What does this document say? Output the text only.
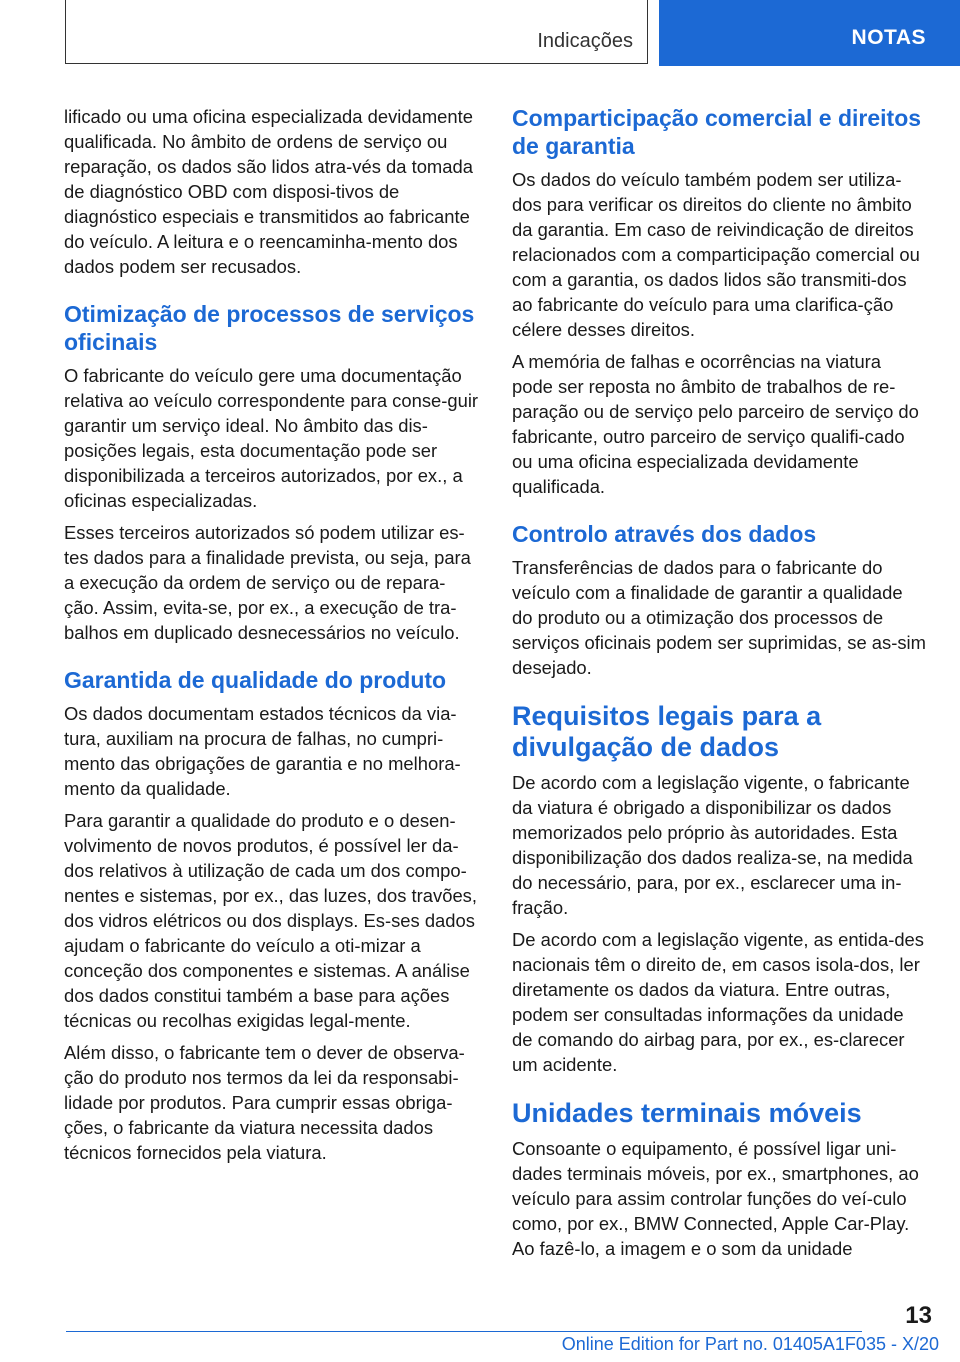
Indicações	NOTAS

lificado ou uma oficina especializada devidamente qualificada. No âmbito de ordens de serviço ou reparação, os dados são lidos atra-vés da tomada de diagnóstico OBD com disposi-tivos de diagnóstico especiais e transmitidos ao fabricante do veículo. A leitura e o reencaminha-mento dos dados podem ser recusados.

Otimização de processos de serviços oficinais

O fabricante do veículo gere uma documentação relativa ao veículo correspondente para conse-guir garantir um serviço ideal. No âmbito das dis-posições legais, esta documentação pode ser disponibilizada a terceiros autorizados, por ex., a oficinas especializadas.

Esses terceiros autorizados só podem utilizar es-tes dados para a finalidade prevista, ou seja, para a execução da ordem de serviço ou de repara-ção. Assim, evita-se, por ex., a execução de tra-balhos em duplicado desnecessários no veículo.

Garantida de qualidade do produto

Os dados documentam estados técnicos da via-tura, auxiliam na procura de falhas, no cumpri-mento das obrigações de garantia e no melhora-mento da qualidade.

Para garantir a qualidade do produto e o desen-volvimento de novos produtos, é possível ler da-dos relativos à utilização de cada um dos compo-nentes e sistemas, por ex., das luzes, dos travões, dos vidros elétricos ou dos displays. Es-ses dados ajudam o fabricante do veículo a oti-mizar a conceção dos componentes e sistemas. A análise dos dados constitui também a base para ações técnicas ou recolhas exigidas legal-mente.

Além disso, o fabricante tem o dever de observa-ção do produto nos termos da lei da responsabi-lidade por produtos. Para cumprir essas obriga-ções, o fabricante da viatura necessita dados técnicos fornecidos pela viatura.

Comparticipação comercial e direitos de garantia

Os dados do veículo também podem ser utiliza-dos para verificar os direitos do cliente no âmbito da garantia. Em caso de reivindicação de direitos relacionados com a comparticipação comercial ou com a garantia, os dados lidos são transmiti-dos ao fabricante do veículo para uma clarifica-ção célere desses direitos.

A memória de falhas e ocorrências na viatura pode ser reposta no âmbito de trabalhos de re-paração ou de serviço pelo parceiro de serviço do fabricante, outro parceiro de serviço qualifi-cado ou uma oficina especializada devidamente qualificada.

Controlo através dos dados

Transferências de dados para o fabricante do veículo com a finalidade de garantir a qualidade do produto ou a otimização dos processos de serviços oficinais podem ser suprimidas, se as-sim desejado.

Requisitos legais para a divulgação de dados

De acordo com a legislação vigente, o fabricante da viatura é obrigado a disponibilizar os dados memorizados pelo próprio às autoridades. Esta disponibilização dos dados realiza-se, na medida do necessário, para, por ex., esclarecer uma in-fração.

De acordo com a legislação vigente, as entida-des nacionais têm o direito de, em casos isola-dos, ler diretamente os dados da viatura. Entre outras, podem ser consultadas informações da unidade de comando do airbag para, por ex., es-clarecer um acidente.

Unidades terminais móveis

Consoante o equipamento, é possível ligar uni-dades terminais móveis, por ex., smartphones, ao veículo para assim controlar funções do veí-culo como, por ex., BMW Connected, Apple Car-Play. Ao fazê-lo, a imagem e o som da unidade

13
Online Edition for Part no. 01405A1F035 - X/20
